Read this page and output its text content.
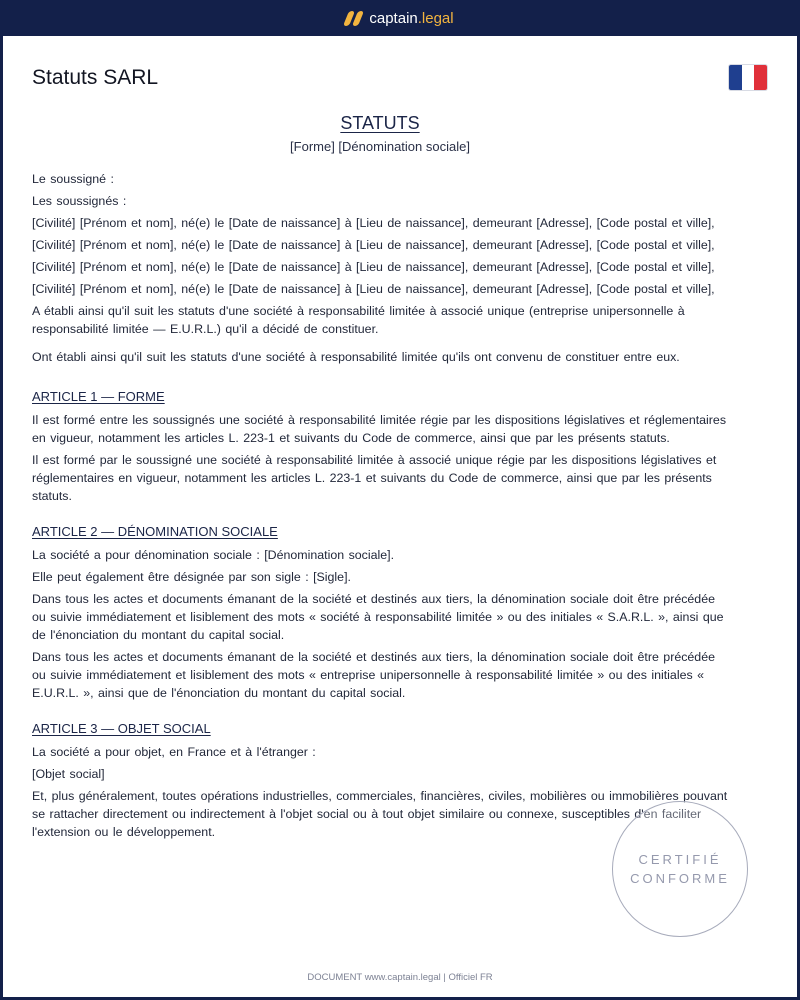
captain.legal
Statuts SARL
STATUTS
[Forme] [Dénomination sociale]
Le soussigné :
Les soussignés :
[Civilité] [Prénom et nom], né(e) le [Date de naissance] à [Lieu de naissance], demeurant [Adresse], [Code postal et ville],
[Civilité] [Prénom et nom], né(e) le [Date de naissance] à [Lieu de naissance], demeurant [Adresse], [Code postal et ville],
[Civilité] [Prénom et nom], né(e) le [Date de naissance] à [Lieu de naissance], demeurant [Adresse], [Code postal et ville],
[Civilité] [Prénom et nom], né(e) le [Date de naissance] à [Lieu de naissance], demeurant [Adresse], [Code postal et ville],
A établi ainsi qu'il suit les statuts d'une société à responsabilité limitée à associé unique (entreprise unipersonnelle à responsabilité limitée — E.U.R.L.) qu'il a décidé de constituer.
Ont établi ainsi qu'il suit les statuts d'une société à responsabilité limitée qu'ils ont convenu de constituer entre eux.
ARTICLE 1 — FORME
Il est formé entre les soussignés une société à responsabilité limitée régie par les dispositions législatives et réglementaires en vigueur, notamment les articles L. 223-1 et suivants du Code de commerce, ainsi que par les présents statuts.
Il est formé par le soussigné une société à responsabilité limitée à associé unique régie par les dispositions législatives et réglementaires en vigueur, notamment les articles L. 223-1 et suivants du Code de commerce, ainsi que par les présents statuts.
ARTICLE 2 — DÉNOMINATION SOCIALE
La société a pour dénomination sociale : [Dénomination sociale].
Elle peut également être désignée par son sigle : [Sigle].
Dans tous les actes et documents émanant de la société et destinés aux tiers, la dénomination sociale doit être précédée ou suivie immédiatement et lisiblement des mots « société à responsabilité limitée » ou des initiales « S.A.R.L. », ainsi que de l'énonciation du montant du capital social.
Dans tous les actes et documents émanant de la société et destinés aux tiers, la dénomination sociale doit être précédée ou suivie immédiatement et lisiblement des mots « entreprise unipersonnelle à responsabilité limitée » ou des initiales « E.U.R.L. », ainsi que de l'énonciation du montant du capital social.
ARTICLE 3 — OBJET SOCIAL
La société a pour objet, en France et à l'étranger :
[Objet social]
Et, plus généralement, toutes opérations industrielles, commerciales, financières, civiles, mobilières ou immobilières pouvant se rattacher directement ou indirectement à l'objet social ou à tout objet similaire ou connexe, susceptibles d'en faciliter l'extension ou le développement.
CERTIFIÉ
CONFORME
DOCUMENT www.captain.legal | Officiel FR
